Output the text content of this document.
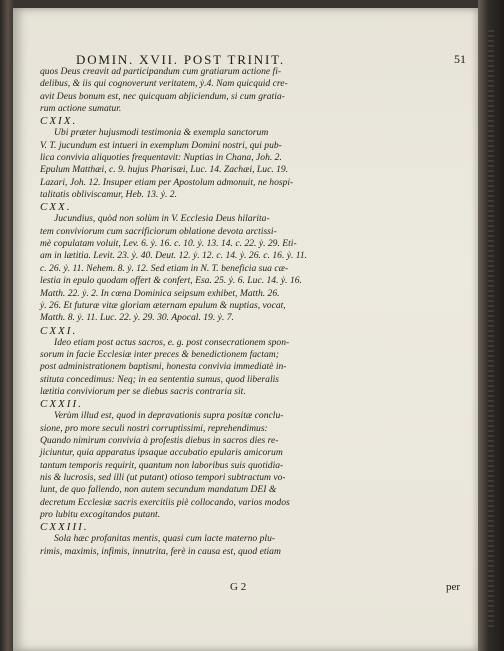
DOMIN. XVII. POST TRINIT.	51

quos Deus creavit ad participandum cum gratiarum actione fi-

delibus, & iis qui cognoverunt veritatem, ẏ.4. Nam quicquid cre-

avit Deus bonum est, nec quicquam abjiciendum, si cum gratia-

rum actione sumatur.

CXIX.

Ubi præter hujusmodi testimonia & exempla sanctorum

V. T. jucundum est intueri in exemplum Domini nostri, qui pub-

lica convivia aliquoties frequentavit: Nuptias in Chana, Joh. 2.

Epulum Matthæi, c. 9. hujus Pharisæi, Luc. 14. Zachæi, Luc. 19.

Lazari, Joh. 12. Insuper etiam per Apostolum admonuit, ne hospi-

talitatis obliviscamur, Heb. 13. ẏ. 2.

CXX.

Jucundius, quòd non solùm in V. Ecclesia Deus hilarita-

tem conviviorum cum sacrificiorum oblatione devota arctissi-

mè copulatam voluit, Lev. 6. ẏ. 16. c. 10. ẏ. 13. 14. c. 22. ẏ. 29. Eti-

am in lætitia. Levit. 23. ẏ. 40. Deut. 12. ẏ. 12. c. 14. ẏ. 26. c. 16. ẏ. 11.

c. 26. ẏ. 11. Nehem. 8. ẏ. 12. Sed etiam in N. T. beneficia sua cæ-

lestia in epulo quodam offert & confert, Esa. 25. ẏ. 6. Luc. 14. ẏ. 16.

Matth. 22. ẏ. 2. In cœna Dominica seipsum exhibet, Matth. 26.

ẏ. 26. Et futuræ vitæ gloriam æternam epulum & nuptias, vocat,

Matth. 8. ẏ. 11. Luc. 22. ẏ. 29. 30. Apocal. 19. ẏ. 7.

CXXI.

Ideo etiam post actus sacros, e. g. post consecrationem spon-

sorum in facie Ecclesiæ inter preces & benedictionem factam;

post administrationem baptismi, honesta convivia immediatè in-

stituta concedimus: Neq; in ea sententia sumus, quod liberalis

lætitia conviviorum per se diebus sacris contraria sit.

CXXII.

Verùm illud est, quod in depravationis supra positæ conclu-

sione, pro more seculi nostri corruptissimi, reprehendimus:

Quando nimirum convivia à profestis diebus in sacros dies re-

jiciuntur, quia apparatus ipsaque accubatio epularis amicorum

tantum temporis requirit, quantum non laboribus suis quotidia-

nis & lucrosis, sed illi (ut putant) otioso tempori subtractum vo-

lunt, de quo fallendo, non autem secundum mandatum DEI &

decretum Ecclesiæ sacris exercitiis piè collocando, varios modos

pro lubitu excogitandos putant.

CXXIII.

Sola hæc profanitas mentis, quasi cum lacte materno plu-

rimis, maximis, infimis, innutrita, ferè in causa est, quod etiam

G 2	per
